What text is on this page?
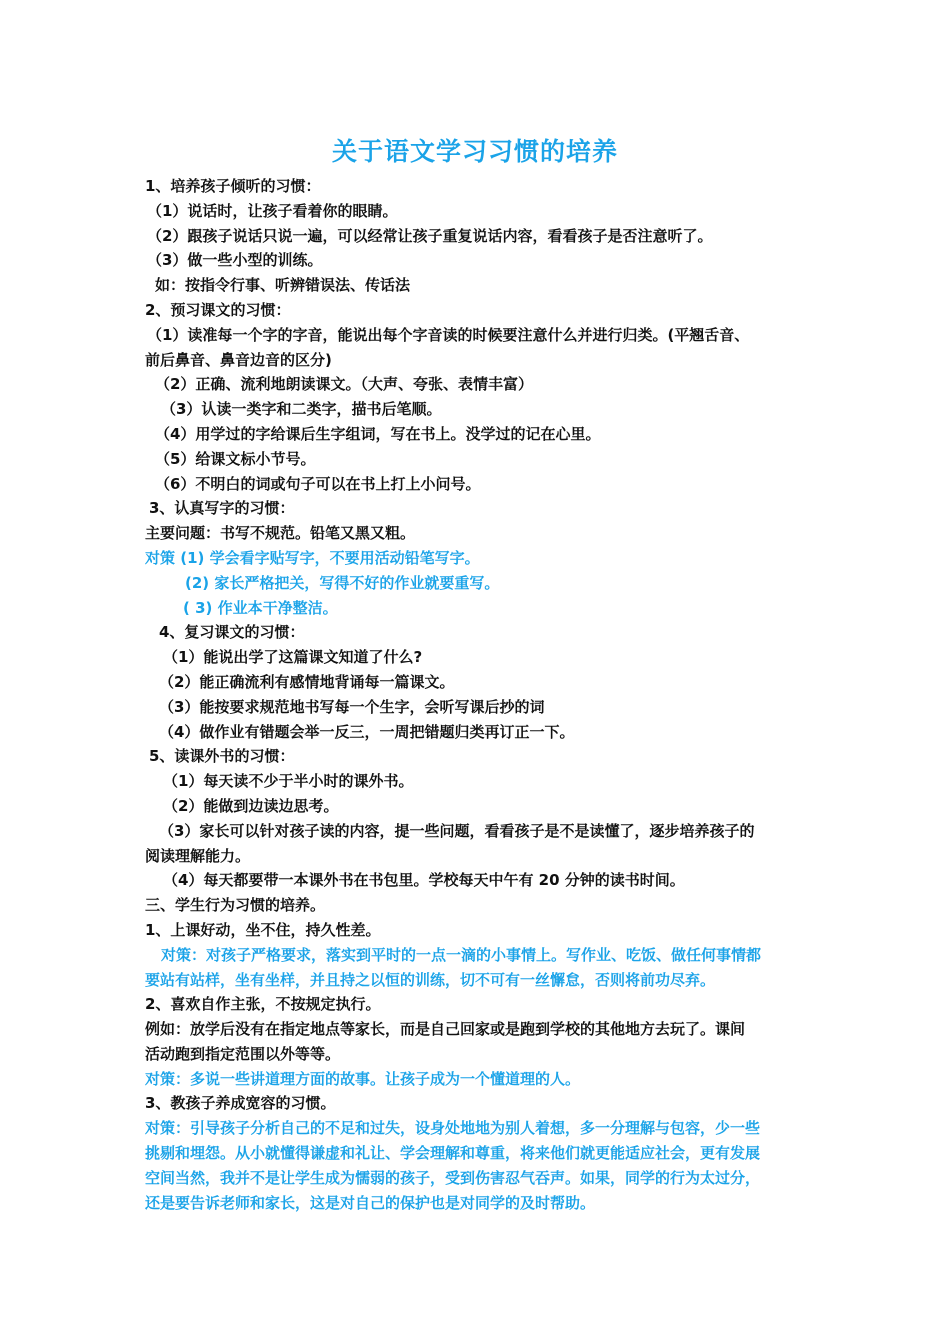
关于语文学习习惯的培养
1、培养孩子倾听的习惯：
（1）说话时，让孩子看着你的眼睛。
（2）跟孩子说话只说一遍，可以经常让孩子重复说话内容，看看孩子是否注意听了。
（3）做一些小型的训练。
如：按指令行事、听辨错误法、传话法
2、预习课文的习惯：
（1）读准每一个字的字音，能说出每个字音读的时候要注意什么并进行归类。(平翘舌音、
前后鼻音、鼻音边音的区分)
（2）正确、流利地朗读课文。（大声、夸张、表情丰富）
（3）认读一类字和二类字，描书后笔顺。
（4）用学过的字给课后生字组词，写在书上。没学过的记在心里。
（5）给课文标小节号。
（6）不明白的词或句子可以在书上打上小问号。
3、认真写字的习惯：
主要问题：书写不规范。铅笔又黑又粗。
对策 (1) 学会看字贴写字，不要用活动铅笔写字。
(2) 家长严格把关，写得不好的作业就要重写。
( 3) 作业本干净整洁。
4、复习课文的习惯：
（1）能说出学了这篇课文知道了什么?
（2）能正确流利有感情地背诵每一篇课文。
（3）能按要求规范地书写每一个生字，会听写课后抄的词
（4）做作业有错题会举一反三，一周把错题归类再订正一下。
5、读课外书的习惯：
（1）每天读不少于半小时的课外书。
（2）能做到边读边思考。
（3）家长可以针对孩子读的内容，提一些问题，看看孩子是不是读懂了，逐步培养孩子的
阅读理解能力。
（4）每天都要带一本课外书在书包里。学校每天中午有 20 分钟的读书时间。
三、学生行为习惯的培养。
1、上课好动，坐不住，持久性差。
对策：对孩子严格要求，落实到平时的一点一滴的小事情上。写作业、吃饭、做任何事情都
要站有站样，坐有坐样，并且持之以恒的训练，切不可有一丝懈怠，否则将前功尽弃。
2、喜欢自作主张，不按规定执行。
例如：放学后没有在指定地点等家长，而是自己回家或是跑到学校的其他地方去玩了。课间
活动跑到指定范围以外等等。
对策：多说一些讲道理方面的故事。让孩子成为一个懂道理的人。
3、教孩子养成宽容的习惯。
对策：引导孩子分析自己的不足和过失，设身处地地为别人着想，多一分理解与包容，少一些
挑剔和埋怨。从小就懂得谦虚和礼让、学会理解和尊重，将来他们就更能适应社会，更有发展
空间当然，我并不是让学生成为懦弱的孩子，受到伤害忍气吞声。如果，同学的行为太过分，
还是要告诉老师和家长，这是对自己的保护也是对同学的及时帮助。
